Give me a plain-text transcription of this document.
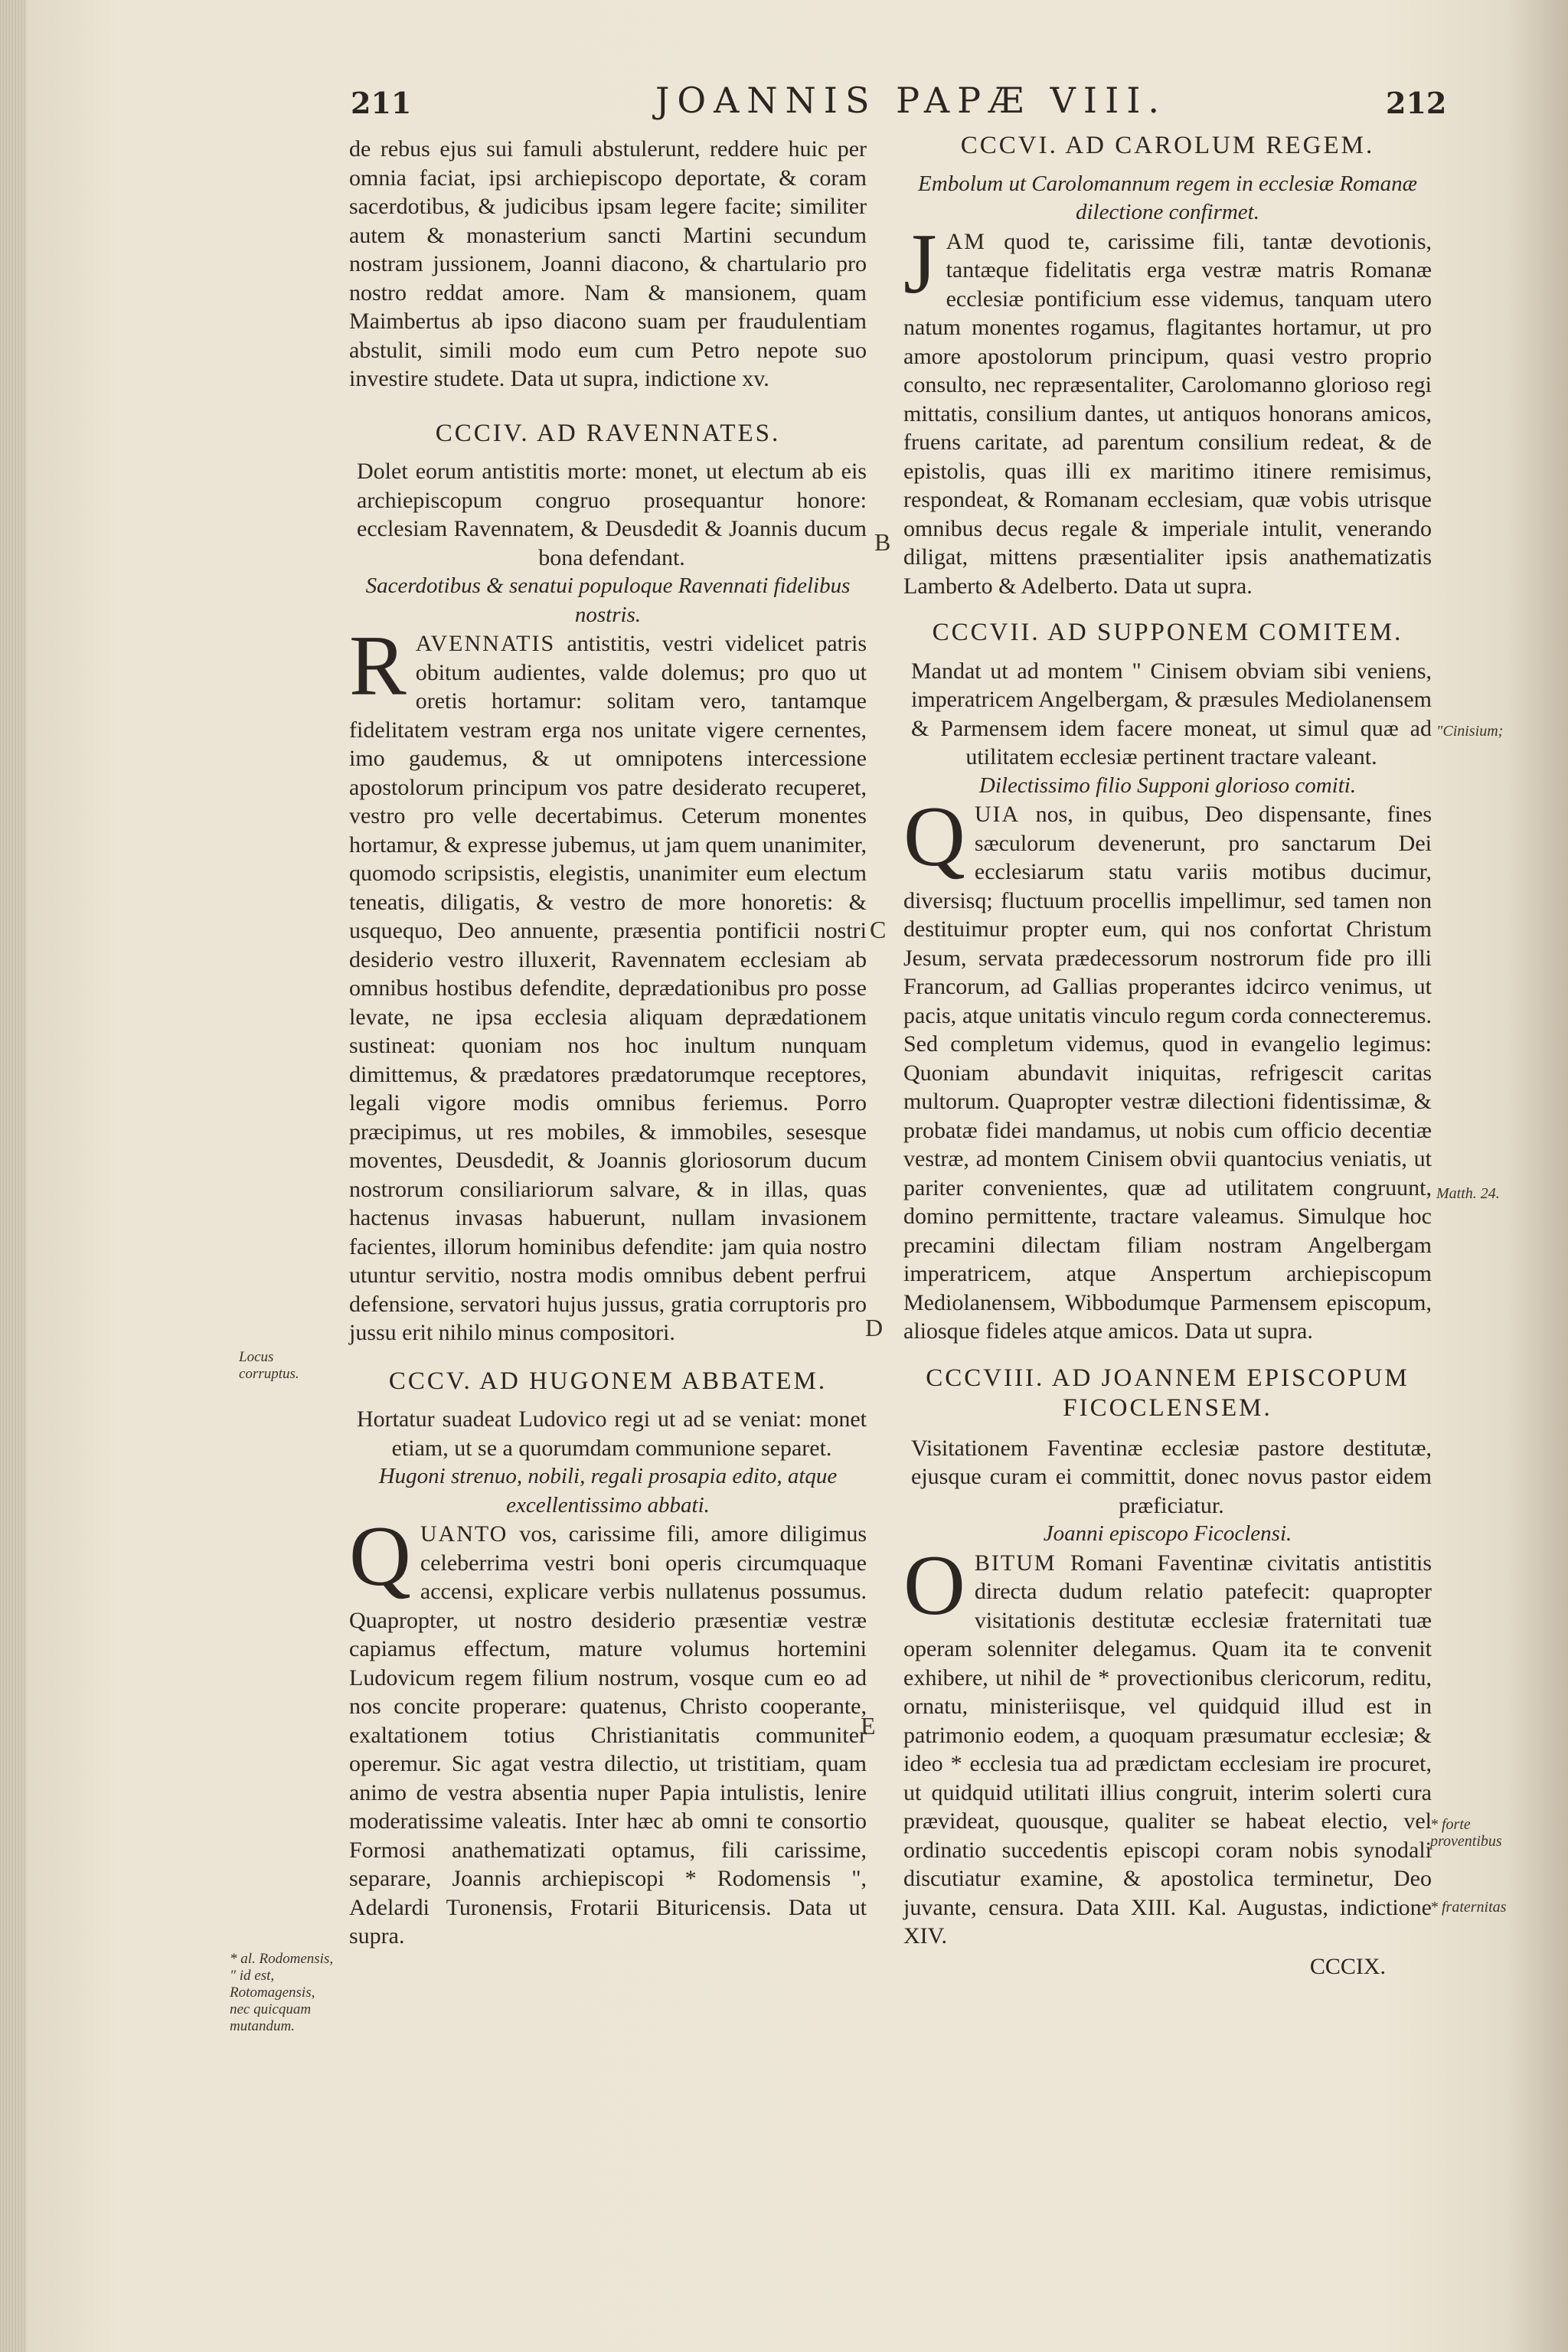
211	JOANNIS PAPÆ VIII.	212

de rebus ejus sui famuli abstulerunt, reddere huic per omnia faciat, ipsi archiepiscopo deportate, & coram sacerdotibus, & judicibus ipsam legere facite; similiter autem & monasterium sancti Martini secundum nostram jussionem, Joanni diacono, & chartulario pro nostro reddat amore. Nam & mansionem, quam Maimbertus ab ipso diacono suam per fraudulentiam abstulit, simili modo eum cum Petro nepote suo investire studete. Data ut supra, indictione xv.

CCCIV. AD RAVENNATES.

Dolet eorum antistitis morte: monet, ut electum ab eis archiepiscopum congruo prosequantur honore: ecclesiam Ravennatem, & Deusdedit & Joannis ducum bona defendant.

Sacerdotibus & senatui populoque Ravennati fidelibus nostris.

RAVENNATIS antistitis, vestri videlicet patris obitum audientes, valde dolemus; pro quo ut oretis hortamur: solitam vero, tantamque fidelitatem vestram erga nos unitate vigere cernentes, imo gaudemus, & ut omnipotens intercessione apostolorum principum vos patre desiderato recuperet, vestro pro velle decertabimus. Ceterum monentes hortamur, & expresse jubemus, ut jam quem unanimiter, quomodo scripsistis, elegistis, unanimiter eum electum teneatis, diligatis, & vestro de more honoretis: & usquequo, Deo annuente, præsentia pontificii nostri desiderio vestro illuxerit, Ravennatem ecclesiam ab omnibus hostibus defendite, deprædationibus pro posse levate, ne ipsa ecclesia aliquam deprædationem sustineat: quoniam nos hoc inultum nunquam dimittemus, & prædatores prædatorumque receptores, legali vigore modis omnibus feriemus. Porro præcipimus, ut res mobiles, & immobiles, sesesque moventes, Deusdedit, & Joannis gloriosorum ducum nostrorum consiliariorum salvare, & in illas, quas hactenus invasas habuerunt, nullam invasionem facientes, illorum hominibus defendite: jam quia nostro utuntur servitio, nostra modis omnibus debent perfrui defensione, servatori hujus jussus, gratia corruptoris pro jussu erit nihilo minus compositori.

CCCV. AD HUGONEM ABBATEM.

Hortatur suadeat Ludovico regi ut ad se veniat: monet etiam, ut se a quorumdam communione separet.

Hugoni strenuo, nobili, regali prosapia edito, atque excellentissimo abbati.

QUANTO vos, carissime fili, amore diligimus celeberrima vestri boni operis circumquaque accensi, explicare verbis nullatenus possumus. Quapropter, ut nostro desiderio præsentiæ vestræ capiamus effectum, mature volumus hortemini Ludovicum regem filium nostrum, vosque cum eo ad nos concite properare: quatenus, Christo cooperante, exaltationem totius Christianitatis communiter operemur. Sic agat vestra dilectio, ut tristitiam, quam animo de vestra absentia nuper Papia intulistis, lenire moderatissime valeatis. Inter hæc ab omni te consortio Formosi anathematizati optamus, fili carissime, separare, Joannis archiepiscopi * Rodomensis ", Adelardi Turonensis, Frotarii Bituricensis. Data ut supra.

CCCVI. AD CAROLUM REGEM.

Embolum ut Carolomannum regem in ecclesiæ Romanæ dilectione confirmet.

JAM quod te, carissime fili, tantæ devotionis, tantæque fidelitatis erga vestræ matris Romanæ ecclesiæ pontificium esse videmus, tanquam utero natum monentes rogamus, flagitantes hortamur, ut pro amore apostolorum principum, quasi vestro proprio consulto, nec repræsentaliter, Carolomanno glorioso regi mittatis, consilium dantes, ut antiquos honorans amicos, fruens caritate, ad parentum consilium redeat, & de epistolis, quas illi ex maritimo itinere remisimus, respondeat, & Romanam ecclesiam, quæ vobis utrisque omnibus decus regale & imperiale intulit, venerando diligat, mittens præsentialiter ipsis anathematizatis Lamberto & Adelberto. Data ut supra.

CCCVII. AD SUPPONEM COMITEM.

Mandat ut ad montem " Cinisem obviam sibi veniens, imperatricem Angelbergam, & præsules Mediolanensem & Parmensem idem facere moneat, ut simul quæ ad utilitatem ecclesiæ pertinent tractare valeant.

Dilectissimo filio Supponi glorioso comiti.

QUIA nos, in quibus, Deo dispensante, fines sæculorum devenerunt, pro sanctarum Dei ecclesiarum statu variis motibus ducimur, diversisq; fluctuum procellis impellimur, sed tamen non destituimur propter eum, qui nos confortat Christum Jesum, servata prædecessorum nostrorum fide pro illi Francorum, ad Gallias properantes idcirco venimus, ut pacis, atque unitatis vinculo regum corda connecteremus. Sed completum videmus, quod in evangelio legimus: Quoniam abundavit iniquitas, refrigescit caritas multorum. Quapropter vestræ dilectioni fidentissimæ, & probatæ fidei mandamus, ut nobis cum officio decentiæ vestræ, ad montem Cinisem obvii quantocius veniatis, ut pariter convenientes, quæ ad utilitatem congruunt, domino permittente, tractare valeamus. Simulque hoc precamini dilectam filiam nostram Angelbergam imperatricem, atque Anspertum archiepiscopum Mediolanensem, Wibbodumque Parmensem episcopum, aliosque fideles atque amicos. Data ut supra.

CCCVIII. AD JOANNEM EPISCOPUM
FICOCLENSEM.

Visitationem Faventinæ ecclesiæ pastore destitutæ, ejusque curam ei committit, donec novus pastor eidem præficiatur.

Joanni episcopo Ficoclensi.

OBITUM Romani Faventinæ civitatis antistitis directa dudum relatio patefecit: quapropter visitationis destitutæ ecclesiæ fraternitati tuæ operam solenniter delegamus. Quam ita te convenit exhibere, ut nihil de * provectionibus clericorum, reditu, ornatu, ministeriisque, vel quidquid illud est in patrimonio eodem, a quoquam præsumatur ecclesiæ; & ideo * ecclesia tua ad prædictam ecclesiam ire procuret, ut quidquid utilitati illius congruit, interim solerti cura prævideat, quousque, qualiter se habeat electio, vel ordinatio succedentis episcopi coram nobis synodali discutiatur examine, & apostolica terminetur, Deo juvante, censura. Data XIII. Kal. Augustas, indictione XIV.

CCCIX.
B
C
D
E
Locus corruptus.
* al. Rodomensis, " id est, Rotomagensis, nec quicquam mutandum.
"Cinisium;
Matth. 24.
* forte proventibus
* fraternitas
